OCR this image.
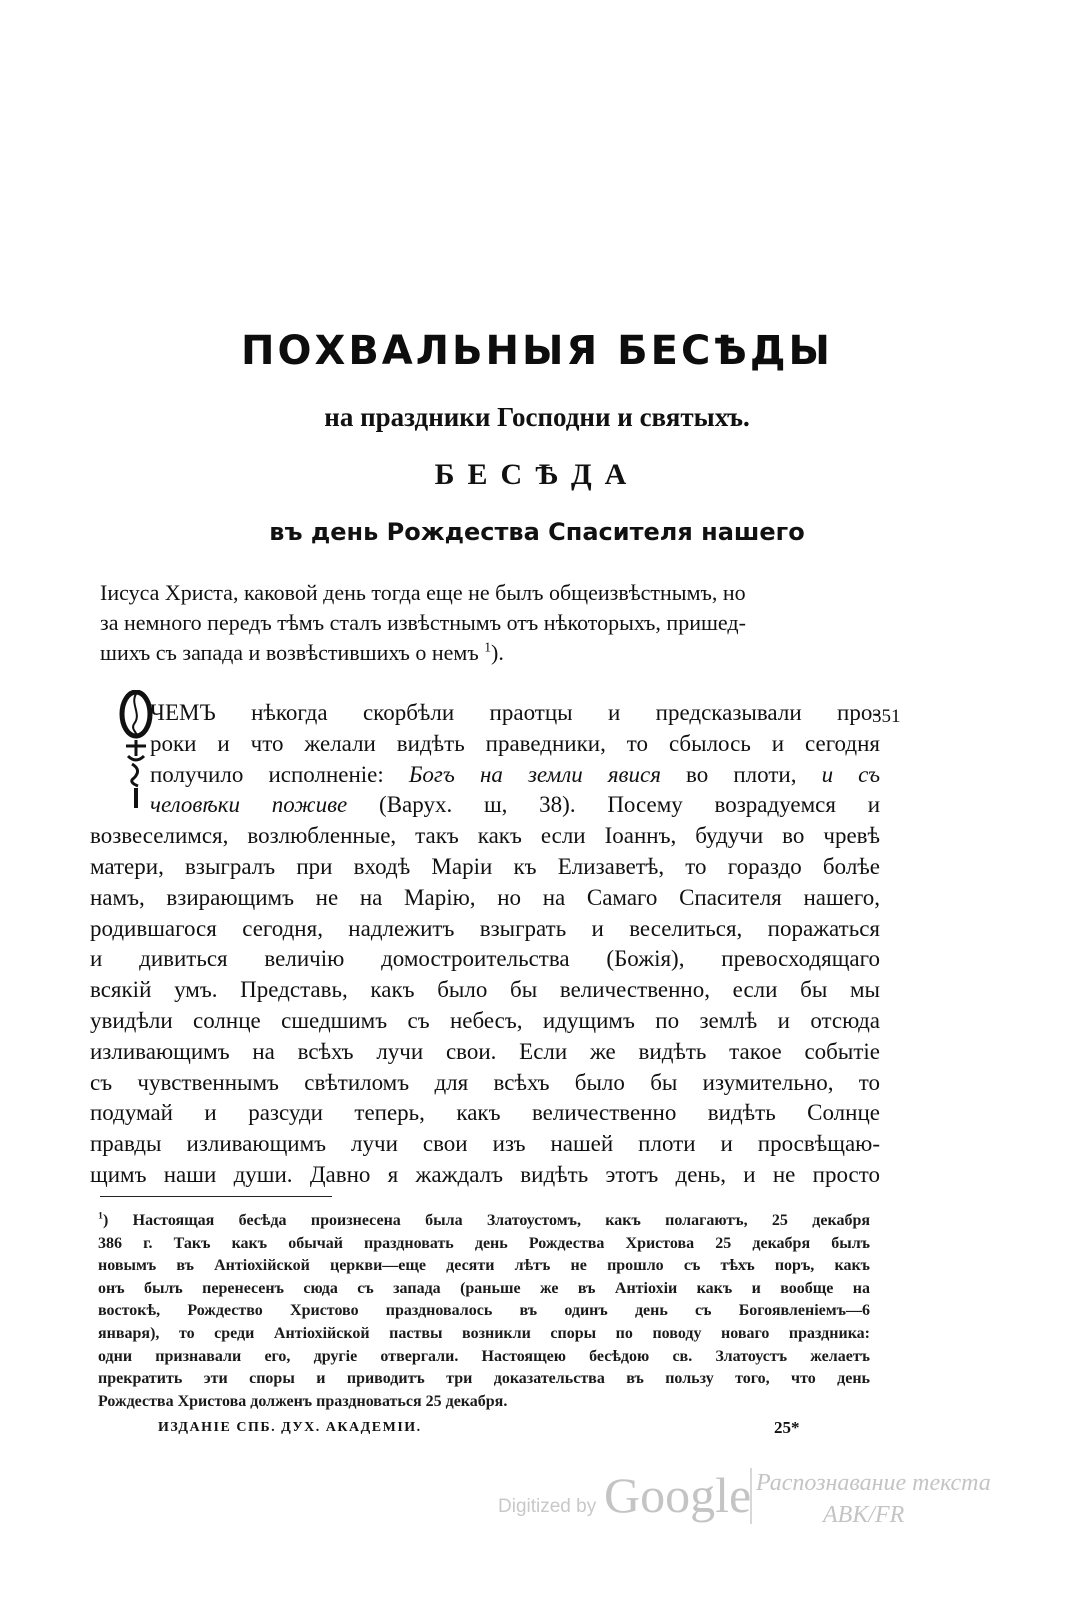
ПОХВАЛЬНЫЯ БЕСѢДЫ
на праздники Господни и святыхъ.
БЕСѢДА
въ день Рождества Спасителя нашего
Іисуса Христа, каковой день тогда еще не былъ общеизвѣстнымъ, но
за немного передъ тѣмъ сталъ извѣстнымъ отъ нѣкоторыхъ, пришед-
шихъ съ запада и возвѣстившихъ о немъ $^1$).
351
ЧЕМЪ нѣкогда скорбѣли праотцы и предсказывали про-
роки и что желали видѣть праведники, то сбылось и сегодня
получило исполненіе: Богъ на земли явися во плоти, и съ
человѣки поживе (Варух. ш, 38). Посему возрадуемся и
возвеселимся, возлюбленные, такъ какъ если Іоаннъ, будучи во чревѣ
матери, взыгралъ при входѣ Маріи къ Елизаветѣ, то гораздо болѣе
намъ, взирающимъ не на Марію, но на Самаго Спасителя нашего,
родившагося сегодня, надлежитъ взыграть и веселиться, поражаться
и дивиться величію домостроительства (Божія), превосходящаго
всякій умъ. Представь, какъ было бы величественно, если бы мы
увидѣли солнце сшедшимъ съ небесъ, идущимъ по землѣ и отсюда
изливающимъ на всѣхъ лучи свои. Если же видѣть такое событіе
съ чувственнымъ свѣтиломъ для всѣхъ было бы изумительно, то
подумай и разсуди теперь, какъ величественно видѣть Солнце
правды изливающимъ лучи свои изъ нашей плоти и просвѣщаю-
щимъ наши души. Давно я жаждалъ видѣть этотъ день, и не просто
$^1$) Настоящая бесѣда произнесена была Златоустомъ, какъ полагаютъ, 25 декабря
386 г. Такъ какъ обычай праздновать день Рождества Христова 25 декабря былъ
новымъ въ Антіохійской церкви—еще десяти лѣтъ не прошло съ тѣхъ поръ, какъ
онъ былъ перенесенъ сюда съ запада (раньше же въ Антіохіи какъ и вообще на
востокѣ, Рождество Христово праздновалось въ одинъ день съ Богоявленіемъ—6
января), то среди Антіохійской паствы возникли споры по поводу новаго праздника:
одни признавали его, другіе отвергали. Настоящею бесѣдою св. Златоустъ желаетъ
прекратить эти споры и приводитъ три доказательства въ пользу того, что день
Рождества Христова долженъ праздноваться 25 декабря.
ИЗДАНІЕ СПБ. ДУХ. АКАДЕМІИ.	25*
Digitized by Google Распознавание текста
ABK/FR
